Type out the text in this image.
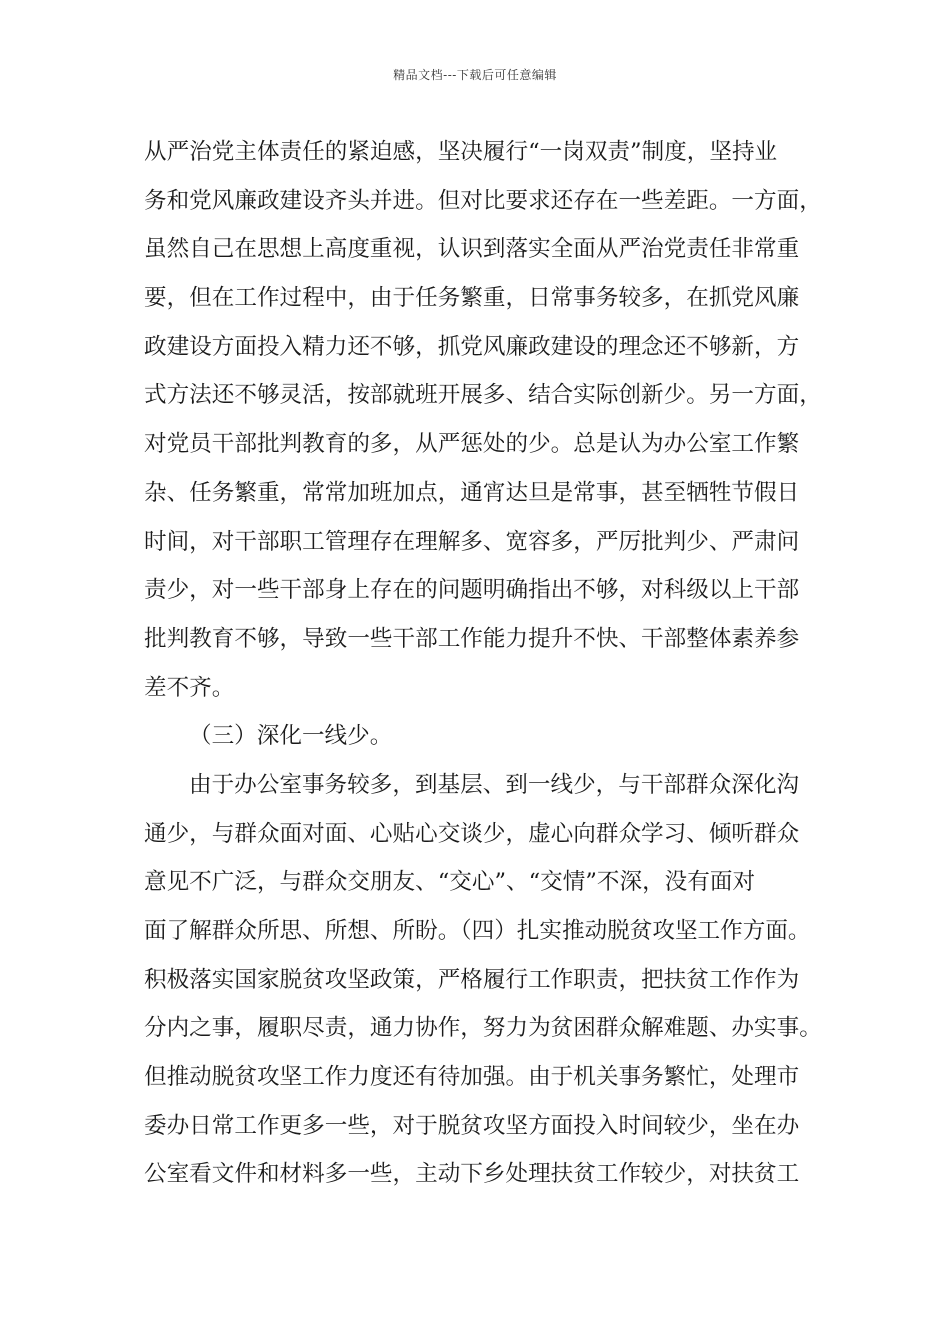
精品文档---下载后可任意编辑
从严治党主体责任的紧迫感，坚决履行“一岗双责”制度，坚持业
务和党风廉政建设齐头并进。但对比要求还存在一些差距。一方面，
虽然自己在思想上高度重视，认识到落实全面从严治党责任非常重
要，但在工作过程中，由于任务繁重，日常事务较多，在抓党风廉
政建设方面投入精力还不够，抓党风廉政建设的理念还不够新，方
式方法还不够灵活，按部就班开展多、结合实际创新少。另一方面，
对党员干部批判教育的多，从严惩处的少。总是认为办公室工作繁
杂、任务繁重，常常加班加点，通宵达旦是常事，甚至牺牲节假日
时间，对干部职工管理存在理解多、宽容多，严厉批判少、严肃问
责少，对一些干部身上存在的问题明确指出不够，对科级以上干部
批判教育不够，导致一些干部工作能力提升不快、干部整体素养参
差不齐。
（三）深化一线少。
由于办公室事务较多，到基层、到一线少，与干部群众深化沟
通少，与群众面对面、心贴心交谈少，虚心向群众学习、倾听群众
意见不广泛，与群众交朋友、“交心”、“交情”不深，没有面对
面了解群众所思、所想、所盼。（四）扎实推动脱贫攻坚工作方面。
积极落实国家脱贫攻坚政策，严格履行工作职责，把扶贫工作作为
分内之事，履职尽责，通力协作，努力为贫困群众解难题、办实事。
但推动脱贫攻坚工作力度还有待加强。由于机关事务繁忙，处理市
委办日常工作更多一些，对于脱贫攻坚方面投入时间较少，坐在办
公室看文件和材料多一些，主动下乡处理扶贫工作较少，对扶贫工
